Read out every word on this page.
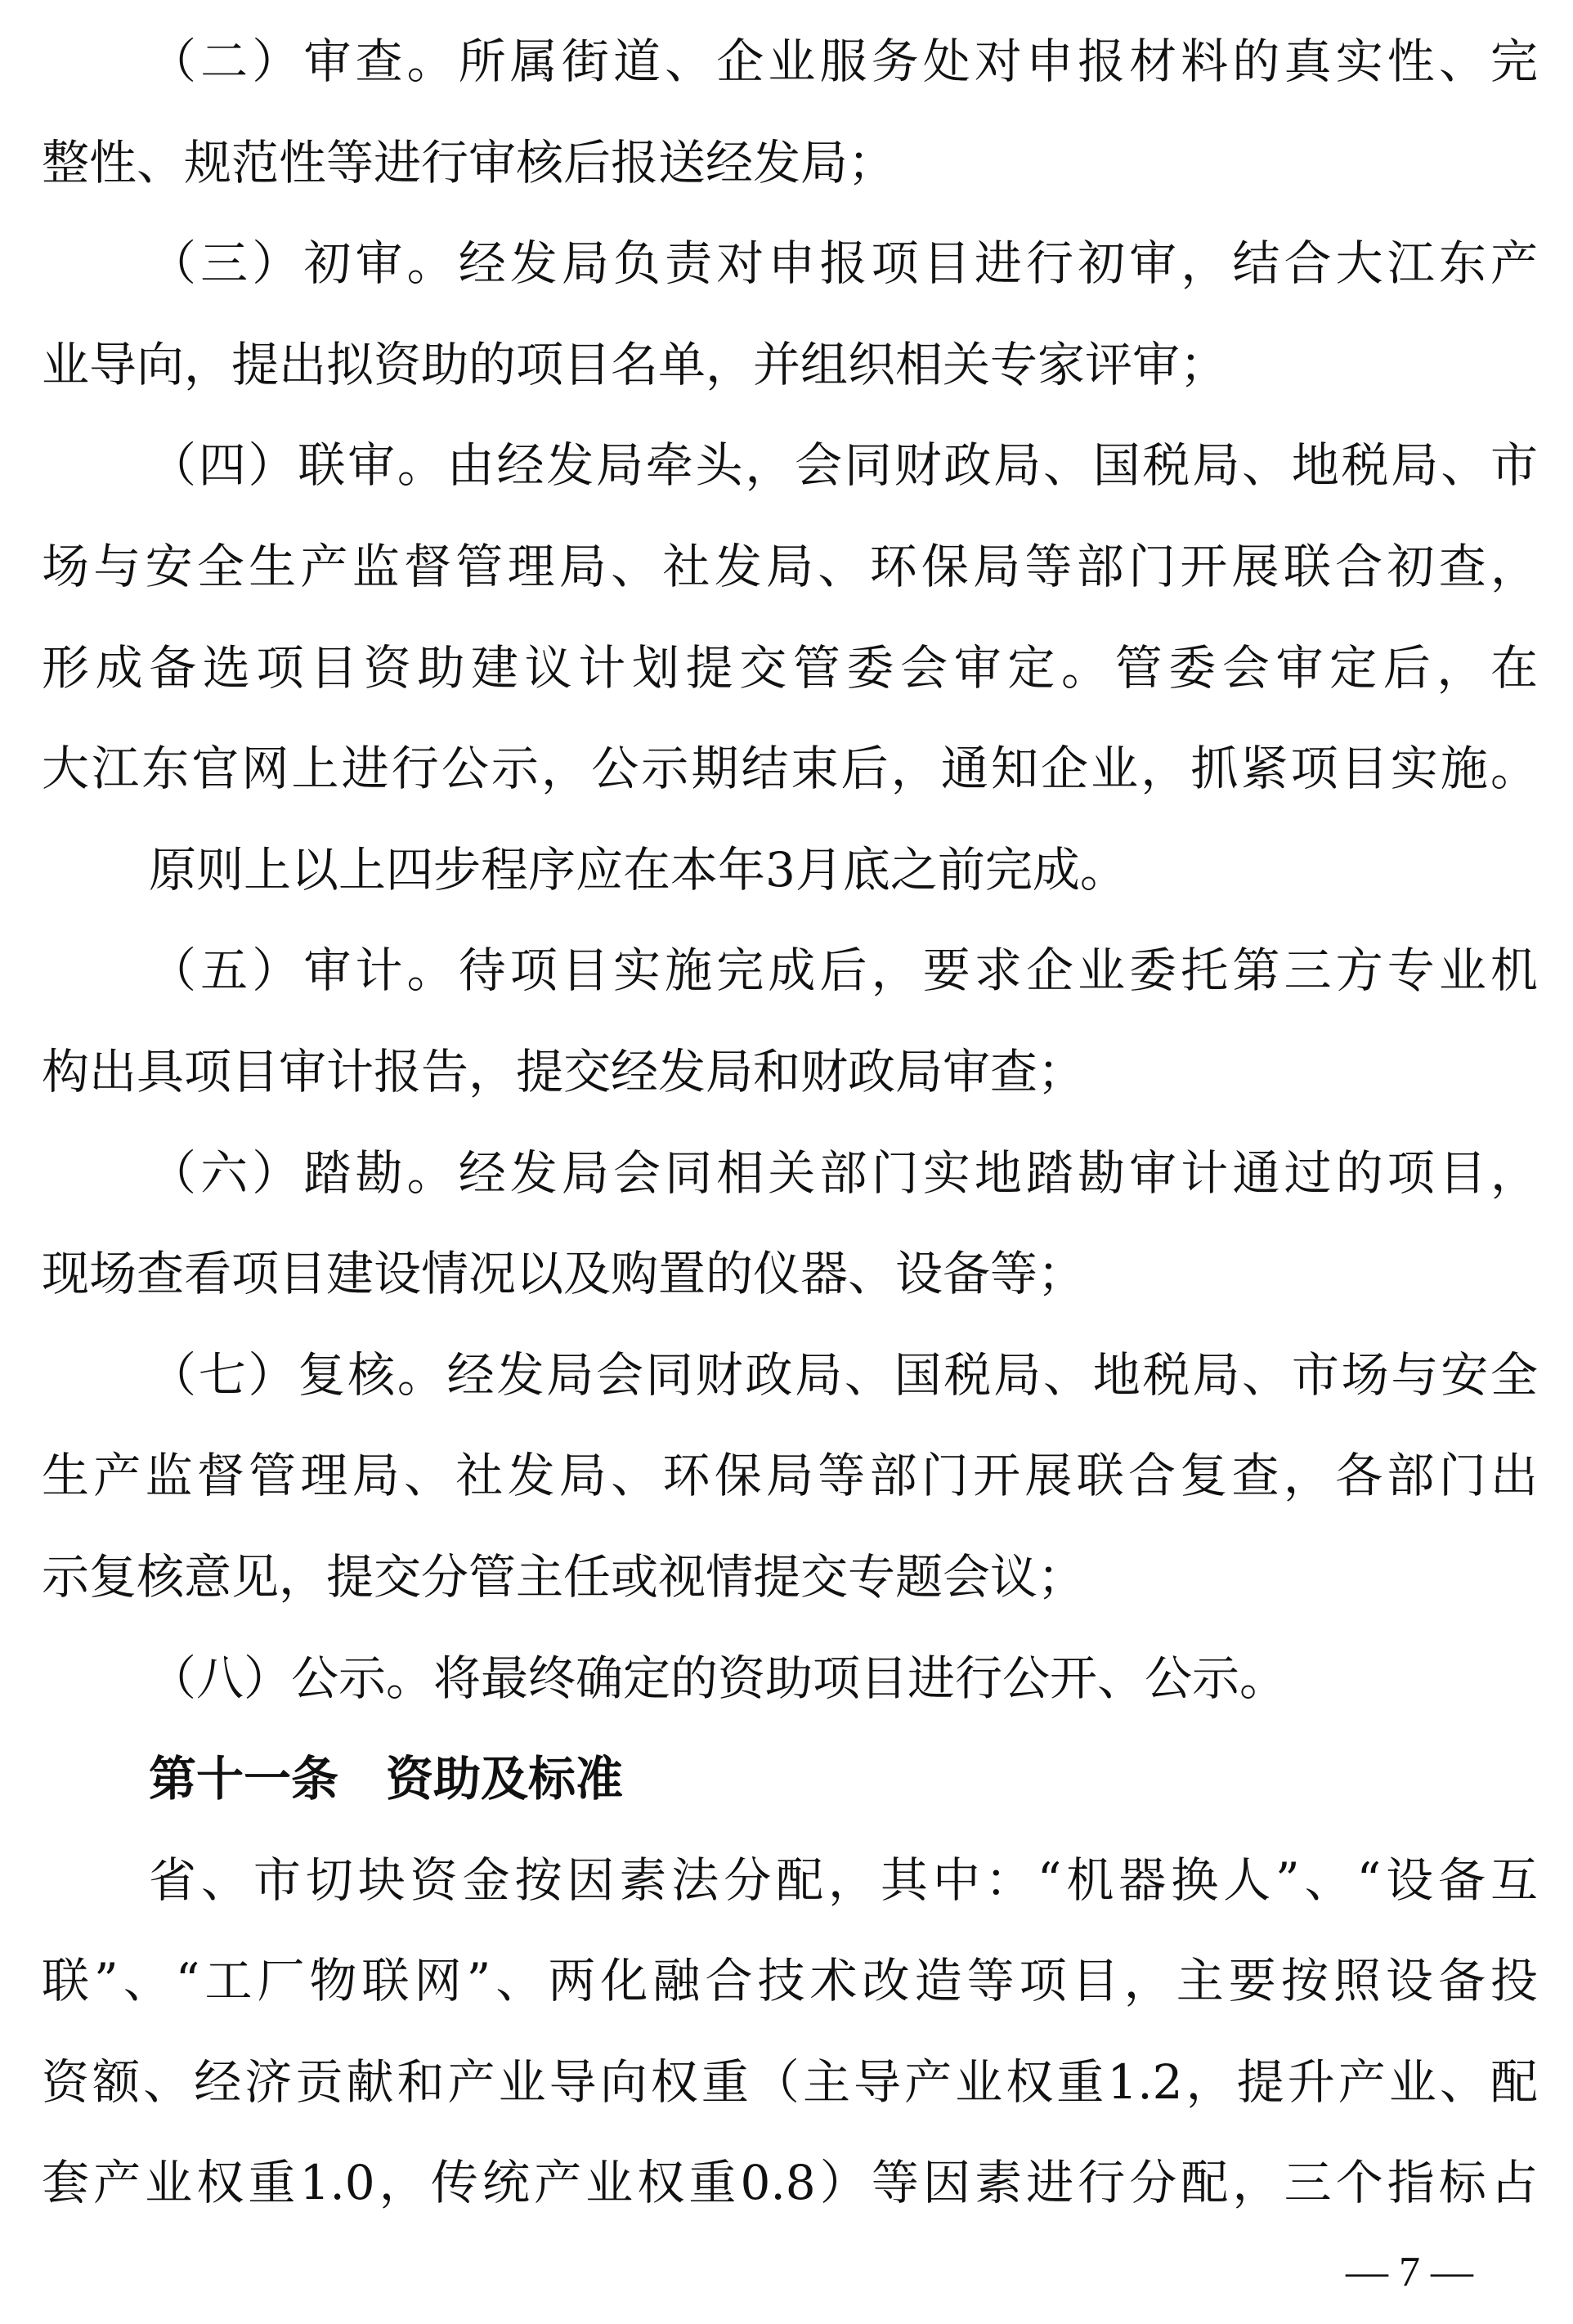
（二）审查。所属街道、企业服务处对申报材料的真实性、完
整性、规范性等进行审核后报送经发局；
（三）初审。经发局负责对申报项目进行初审，结合大江东产
业导向，提出拟资助的项目名单，并组织相关专家评审；
（四）联审。由经发局牵头，会同财政局、国税局、地税局、市
场与安全生产监督管理局、社发局、环保局等部门开展联合初查，
形成备选项目资助建议计划提交管委会审定。管委会审定后，在
大江东官网上进行公示，公示期结束后，通知企业，抓紧项目实施。
原则上以上四步程序应在本年3月底之前完成。
（五）审计。待项目实施完成后，要求企业委托第三方专业机
构出具项目审计报告，提交经发局和财政局审查；
（六）踏勘。经发局会同相关部门实地踏勘审计通过的项目，
现场查看项目建设情况以及购置的仪器、设备等；
（七）复核。经发局会同财政局、国税局、地税局、市场与安全
生产监督管理局、社发局、环保局等部门开展联合复查，各部门出
示复核意见，提交分管主任或视情提交专题会议；
（八）公示。将最终确定的资助项目进行公开、公示。
第十一条　资助及标准
省、市切块资金按因素法分配，其中：“机器换人”、“设备互
联”、“工厂物联网”、两化融合技术改造等项目，主要按照设备投
资额、经济贡献和产业导向权重（主导产业权重1.2，提升产业、配
套产业权重1.0，传统产业权重0.8）等因素进行分配，三个指标占
— 7 —
